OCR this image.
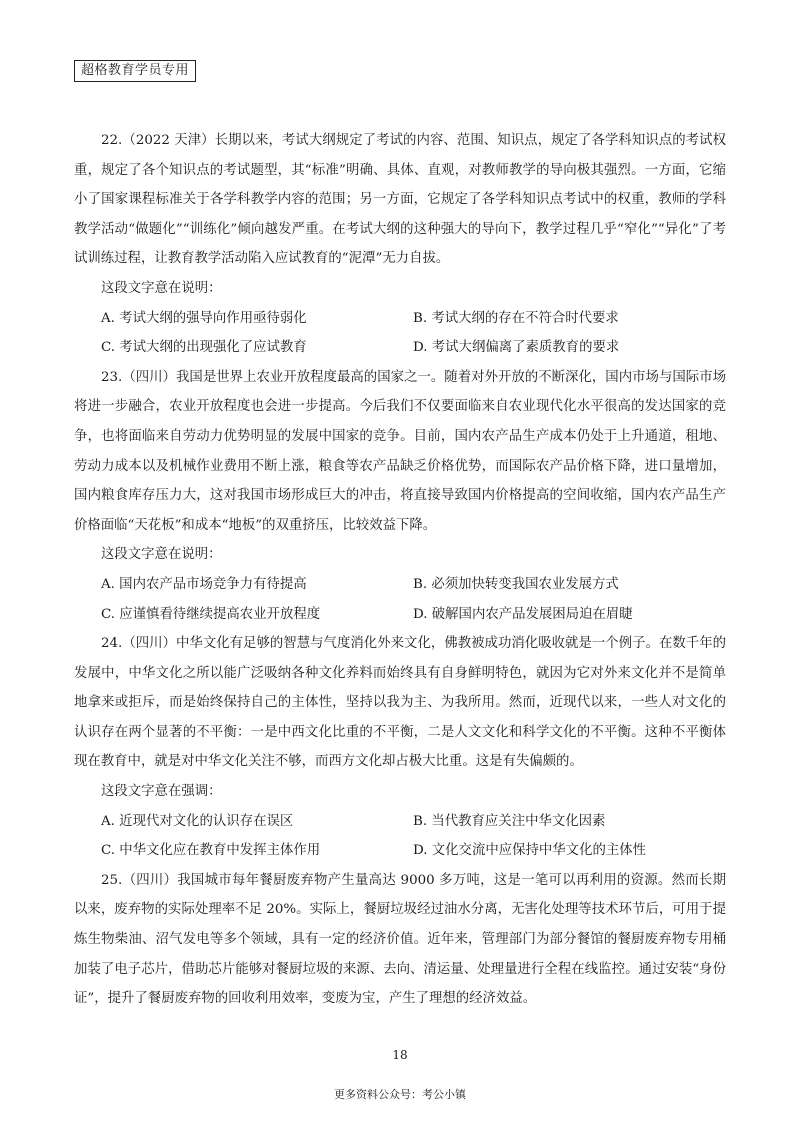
超格教育学员专用

22.（2022 天津）长期以来，考试大纲规定了考试的内容、范围、知识点，规定了各学科知识点的考试权重，规定了各个知识点的考试题型，其“标准”明确、具体、直观，对教师教学的导向极其强烈。一方面，它缩小了国家课程标准关于各学科教学内容的范围；另一方面，它规定了各学科知识点考试中的权重，教师的学科教学活动“做题化”“训练化”倾向越发严重。在考试大纲的这种强大的导向下，教学过程几乎“窄化”“异化”了考试训练过程，让教育教学活动陷入应试教育的“泥潭”无力自拔。

这段文字意在说明：

A. 考试大纲的强导向作用亟待弱化	B. 考试大纲的存在不符合时代要求
C. 考试大纲的出现强化了应试教育	D. 考试大纲偏离了素质教育的要求

23.（四川）我国是世界上农业开放程度最高的国家之一。随着对外开放的不断深化，国内市场与国际市场将进一步融合，农业开放程度也会进一步提高。今后我们不仅要面临来自农业现代化水平很高的发达国家的竞争，也将面临来自劳动力优势明显的发展中国家的竞争。目前，国内农产品生产成本仍处于上升通道，租地、劳动力成本以及机械作业费用不断上涨，粮食等农产品缺乏价格优势，而国际农产品价格下降，进口量增加，国内粮食库存压力大，这对我国市场形成巨大的冲击，将直接导致国内价格提高的空间收缩，国内农产品生产价格面临“天花板”和成本“地板”的双重挤压，比较效益下降。

这段文字意在说明：

A. 国内农产品市场竞争力有待提高	B. 必须加快转变我国农业发展方式
C. 应谨慎看待继续提高农业开放程度	D. 破解国内农产品发展困局迫在眉睫

24.（四川）中华文化有足够的智慧与气度消化外来文化，佛教被成功消化吸收就是一个例子。在数千年的发展中，中华文化之所以能广泛吸纳各种文化养料而始终具有自身鲜明特色，就因为它对外来文化并不是简单地拿来或拒斥，而是始终保持自己的主体性，坚持以我为主、为我所用。然而，近现代以来，一些人对文化的认识存在两个显著的不平衡：一是中西文化比重的不平衡，二是人文文化和科学文化的不平衡。这种不平衡体现在教育中，就是对中华文化关注不够，而西方文化却占极大比重。这是有失偏颇的。

这段文字意在强调：

A. 近现代对文化的认识存在误区	B. 当代教育应关注中华文化因素
C. 中华文化应在教育中发挥主体作用	D. 文化交流中应保持中华文化的主体性

25.（四川）我国城市每年餐厨废弃物产生量高达 9000 多万吨，这是一笔可以再利用的资源。然而长期以来，废弃物的实际处理率不足 20%。实际上，餐厨垃圾经过油水分离，无害化处理等技术环节后，可用于提炼生物柴油、沼气发电等多个领域，具有一定的经济价值。近年来，管理部门为部分餐馆的餐厨废弃物专用桶加装了电子芯片，借助芯片能够对餐厨垃圾的来源、去向、清运量、处理量进行全程在线监控。通过安装“身份证”，提升了餐厨废弃物的回收利用效率，变废为宝，产生了理想的经济效益。

18
更多资料公众号：考公小镇
